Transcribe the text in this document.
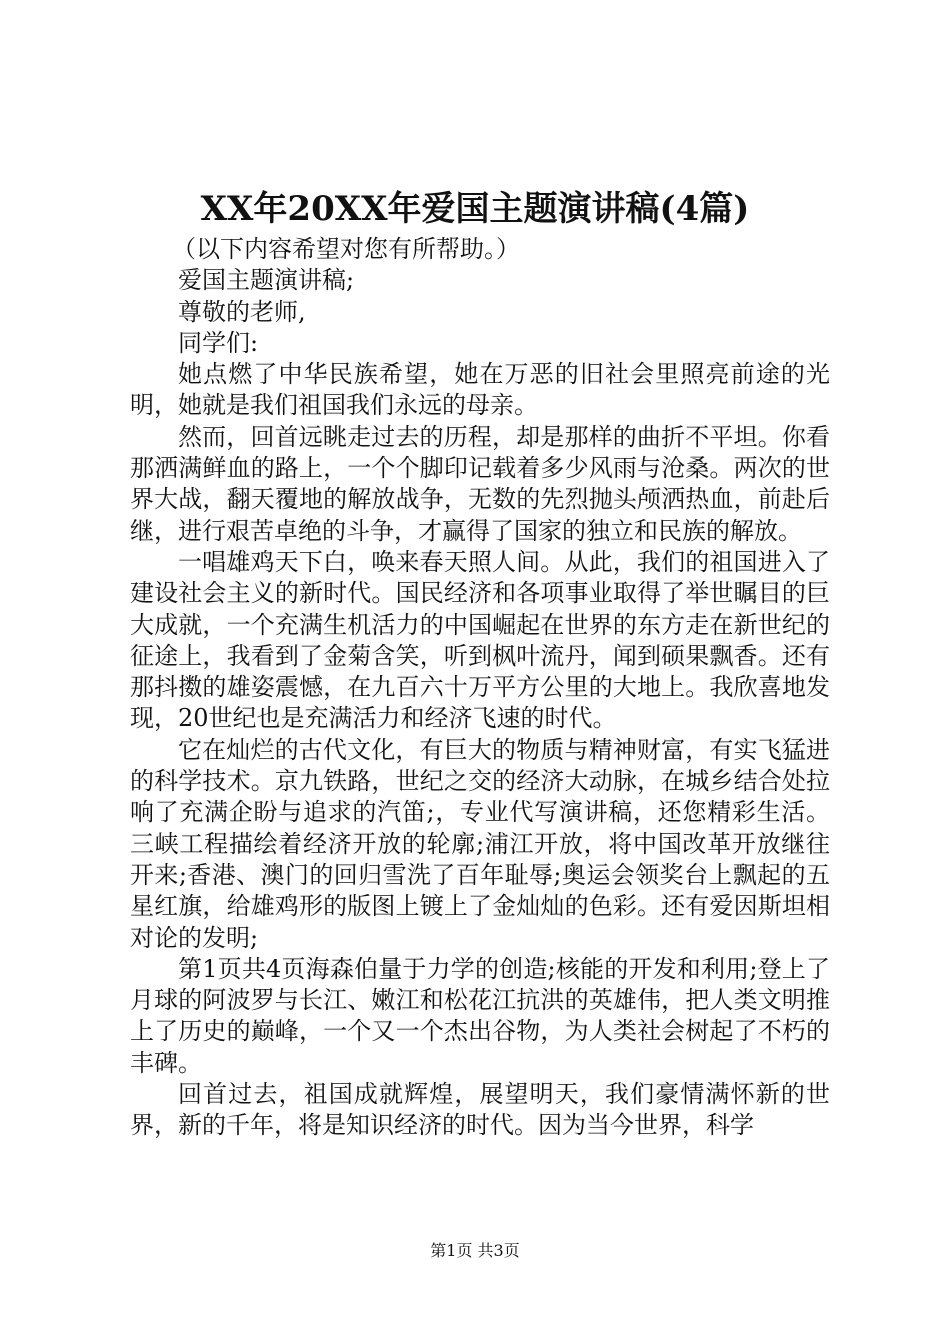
XX年20XX年爱国主题演讲稿(4篇)

（以下内容希望对您有所帮助。）

爱国主题演讲稿;

尊敬的老师,

同学们:

她点燃了中华民族希望，她在万恶的旧社会里照亮前途的光明，她就是我们祖国我们永远的母亲。

然而，回首远眺走过去的历程，却是那样的曲折不平坦。你看那洒满鲜血的路上，一个个脚印记载着多少风雨与沧桑。两次的世界大战，翻天覆地的解放战争，无数的先烈抛头颅洒热血，前赴后继，进行艰苦卓绝的斗争，才赢得了国家的独立和民族的解放。

一唱雄鸡天下白，唤来春天照人间。从此，我们的祖国进入了建设社会主义的新时代。国民经济和各项事业取得了举世瞩目的巨大成就，一个充满生机活力的中国崛起在世界的东方走在新世纪的征途上，我看到了金菊含笑，听到枫叶流丹，闻到硕果飘香。还有那抖擞的雄姿震憾，在九百六十万平方公里的大地上。我欣喜地发现，20世纪也是充满活力和经济飞速的时代。

它在灿烂的古代文化，有巨大的物质与精神财富，有实飞猛进的科学技术。京九铁路，世纪之交的经济大动脉，在城乡结合处拉响了充满企盼与追求的汽笛;，专业代写演讲稿，还您精彩生活。三峡工程描绘着经济开放的轮廓;浦江开放，将中国改革开放继往开来;香港、澳门的回归雪洗了百年耻辱;奥运会领奖台上飘起的五星红旗，给雄鸡形的版图上镀上了金灿灿的色彩。还有爱因斯坦相对论的发明;

第1页共4页海森伯量于力学的创造;核能的开发和利用;登上了月球的阿波罗与长江、嫩江和松花江抗洪的英雄伟，把人类文明推上了历史的巅峰，一个又一个杰出谷物，为人类社会树起了不朽的丰碑。

回首过去，祖国成就辉煌，展望明天，我们豪情满怀新的世界，新的千年，将是知识经济的时代。因为当今世界，科学

第1页 共3页
